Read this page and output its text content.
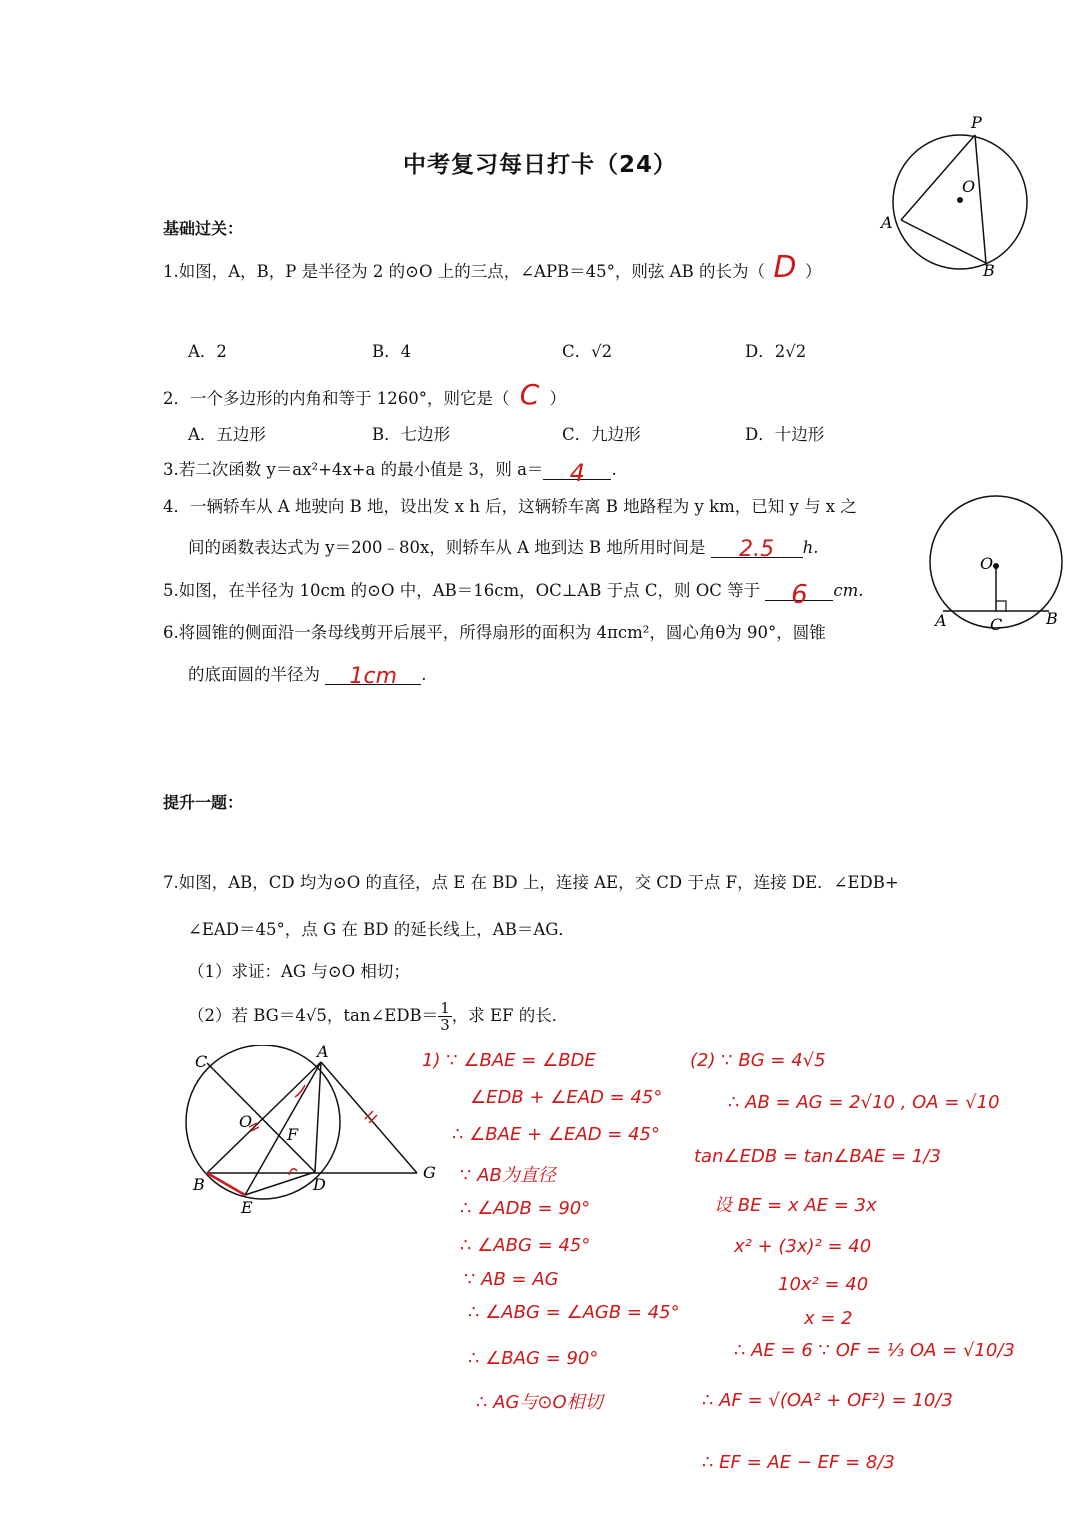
中考复习每日打卡（24）
P
O
A
B
基础过关：
1.如图，A，B，P 是半径为 2 的⊙O 上的三点，∠APB＝45°，则弦 AB 的长为（ D ）
A．2	B．4	C．√2	D．2√2
2．一个多边形的内角和等于 1260°，则它是（ C ）
A．五边形	B．七边形	C．九边形	D．十边形
3.若二次函数 y＝ax²+4x+a 的最小值是 3，则 a＝ 4 .
4．一辆轿车从 A 地驶向 B 地，设出发 x h 后，这辆轿车离 B 地路程为 y km，已知 y 与 x 之
间的函数表达式为 y＝200﹣80x，则轿车从 A 地到达 B 地所用时间是 2.5 h.
5.如图，在半径为 10cm 的⊙O 中，AB＝16cm，OC⊥AB 于点 C，则 OC 等于 6 cm.
O
A	C	B
6.将圆锥的侧面沿一条母线剪开后展平，所得扇形的面积为 4πcm²，圆心角θ为 90°，圆锥
的底面圆的半径为 1cm .
提升一题：
7.如图，AB，CD 均为⊙O 的直径，点 E 在 BD 上，连接 AE，交 CD 于点 F，连接 DE．∠EDB+
∠EAD＝45°，点 G 在 BD 的延长线上，AB＝AG．
（1）求证：AG 与⊙O 相切；
（2）若 BG＝4√5，tan∠EDB＝ $\frac{1}{3}$ ，求 EF 的长．
C
A
O
F
B	D
E
G
1) ∵ ∠BAE = ∠BDE
∠EDB + ∠EAD = 45°
∴ ∠BAE + ∠EAD = 45°
∵ AB为直径
∴ ∠ADB = 90°
∴ ∠ABG = 45°
∵ AB = AG
∴ ∠ABG = ∠AGB = 45°
∴ ∠BAG = 90°
∴ AG与⊙O相切
(2) ∵ BG = 4√5
∴ AB = AG = 2√10 , OA = √10
tan∠EDB = tan∠BAE = 1/3
设 BE = x AE = 3x
x² + (3x)² = 40
10x² = 40
x = 2
∴ AE = 6 ∵ OF = ⅓ OA = √10/3
∴ AF = √(OA² + OF²) = 10/3
∴ EF = AE − EF = 8/3
